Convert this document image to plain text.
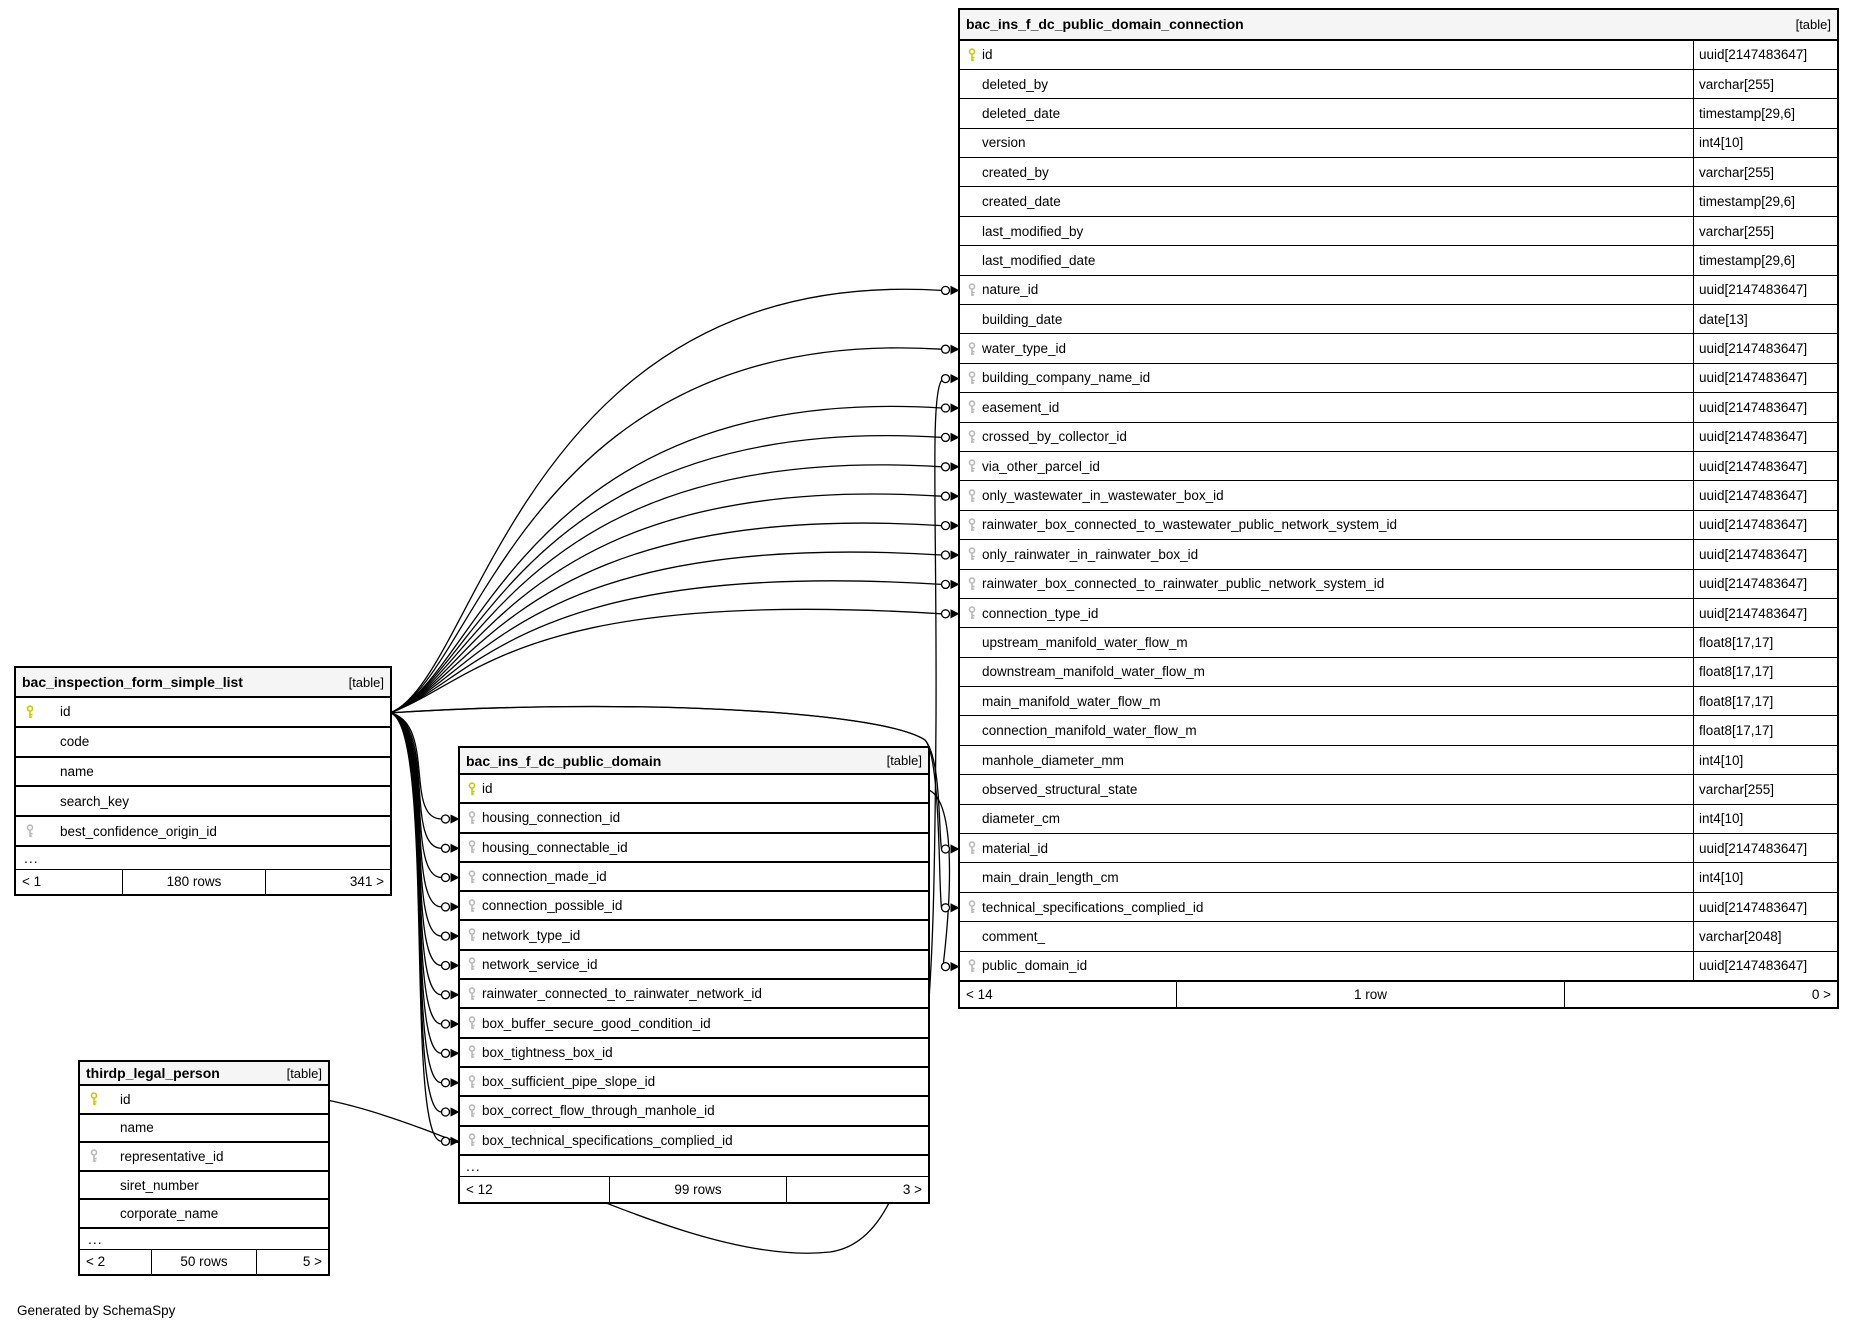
bac_ins_f_dc_public_domain_connection	[table]
id	uuid[2147483647]
deleted_by	varchar[255]
deleted_date	timestamp[29,6]
version	int4[10]
created_by	varchar[255]
created_date	timestamp[29,6]
last_modified_by	varchar[255]
last_modified_date	timestamp[29,6]
nature_id	uuid[2147483647]
building_date	date[13]
water_type_id	uuid[2147483647]
building_company_name_id	uuid[2147483647]
easement_id	uuid[2147483647]
crossed_by_collector_id	uuid[2147483647]
via_other_parcel_id	uuid[2147483647]
only_wastewater_in_wastewater_box_id	uuid[2147483647]
rainwater_box_connected_to_wastewater_public_network_system_id	uuid[2147483647]
only_rainwater_in_rainwater_box_id	uuid[2147483647]
rainwater_box_connected_to_rainwater_public_network_system_id	uuid[2147483647]
connection_type_id	uuid[2147483647]
upstream_manifold_water_flow_m	float8[17,17]
downstream_manifold_water_flow_m	float8[17,17]
main_manifold_water_flow_m	float8[17,17]
connection_manifold_water_flow_m	float8[17,17]
manhole_diameter_mm	int4[10]
observed_structural_state	varchar[255]
diameter_cm	int4[10]
material_id	uuid[2147483647]
main_drain_length_cm	int4[10]
technical_specifications_complied_id	uuid[2147483647]
comment_	varchar[2048]
public_domain_id	uuid[2147483647]
< 14	1 row	0 >
bac_inspection_form_simple_list	[table]
id
code
name
search_key
best_confidence_origin_id
...
< 1	180 rows	341 >
bac_ins_f_dc_public_domain	[table]
id
housing_connection_id
housing_connectable_id
connection_made_id
connection_possible_id
network_type_id
network_service_id
rainwater_connected_to_rainwater_network_id
box_buffer_secure_good_condition_id
box_tightness_box_id
box_sufficient_pipe_slope_id
box_correct_flow_through_manhole_id
box_technical_specifications_complied_id
...
< 12	99 rows	3 >
thirdp_legal_person	[table]
id
name
representative_id
siret_number
corporate_name
...
< 2	50 rows	5 >
Generated by SchemaSpy
